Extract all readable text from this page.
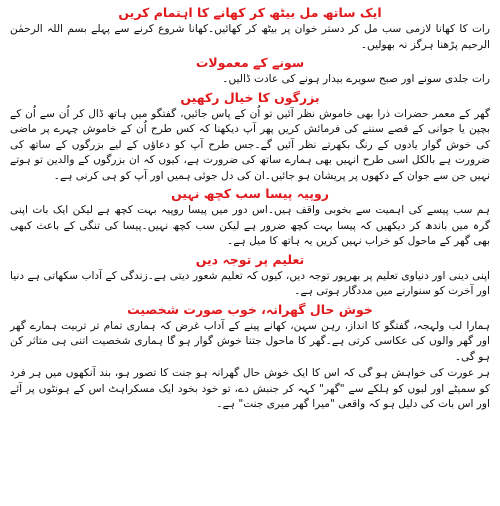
ایک ساتھ مل بیٹھ کر کھانے کا اہتمام کریں

رات کا کھانا لازمی سب مل کر دستر خوان پر بیٹھ کر کھائیں۔کھانا شروع کرنے سے پہلے بسم اللہ الرحمٰن الرحیم پڑھنا ہرگز نہ بھولیں۔

سونے کے معمولات

رات جلدی سونے اور صبح سویرے بیدار ہونے کی عادت ڈالیں۔

بزرگوں کا خیال رکھیں

گھر کے معمر حضرات ذرا بھی خاموش نظر آئیں تو اُن کے پاس جائیں، گفتگو میں ہاتھ ڈال کر اُن سے اُن کے بچپن یا جوانی کے قصے سننے کی فرمائش کریں پھر آپ دیکھنا کہ کس طرح اُن کے خاموش چہرے پر ماضی کی خوش گوار یادوں کے رنگ بکھرتے نظر آئیں گے۔جس طرح آپ کو دعاؤں کے لیے بزرگوں کے ساتھ کی ضرورت ہے بالکل اسی طرح انہیں بھی ہمارے ساتھ کی ضرورت ہے، کیوں کہ ان بزرگوں کے والدین تو ہوتے نہیں جن سے جوان کے دکھوں پر پریشان ہو جائیں۔ان کی دل جوئی ہمیں اور آپ کو ہی کرنی ہے۔

روپیہ پیسا سب کچھ نہیں

ہم سب پیسے کی اہمیت سے بخوبی واقف ہیں۔اس دور میں پیسا روپیہ بہت کچھ ہے لیکن ایک بات اپنی گرہ میں باندھ کر دیکھیں کہ پیسا بہت کچھ ضرور ہے لیکن سب کچھ نہیں۔پیسا کی تنگی کے باعث کبھی بھی گھر کے ماحول کو خراب نہیں کریں یہ ہاتھ کا میل ہے۔

تعلیم پر توجہ دیں

اپنی دینی اور دنیاوی تعلیم پر بھرپور توجہ دیں، کیوں کہ تعلیم شعور دیتی ہے۔زندگی کے آداب سکھاتی ہے دنیا اور آخرت کو سنوارنے میں مددگار ہوتی ہے۔

خوش حال گھرانہ، خوب صورت شخصیت

ہمارا لب ولہجہ، گفتگو کا انداز، رہن سہن، کھانے پینے کے آداب غرض کہ ہماری تمام تر تربیت ہمارے گھر اور گھر والوں کی عکاسی کرتی ہے۔گھر کا ماحول جتنا خوش گوار ہو گا ہماری شخصیت اتنی ہی متاثر کن ہو گی۔

ہر عورت کی خواہش ہو گی کہ اس کا ایک خوش حال گھرانہ ہو جنت کا تصور ہو، بند آنکھوں میں ہر فرد کو سمیٹے اور لبوں کو ہلکے سے "گھر" کہہ کر جنبش دے، تو خود بخود ایک مسکراہٹ اس کے ہونٹوں پر آئے اور اس بات کی دلیل ہو کہ واقعی "میرا گھر میری جنت" ہے۔
